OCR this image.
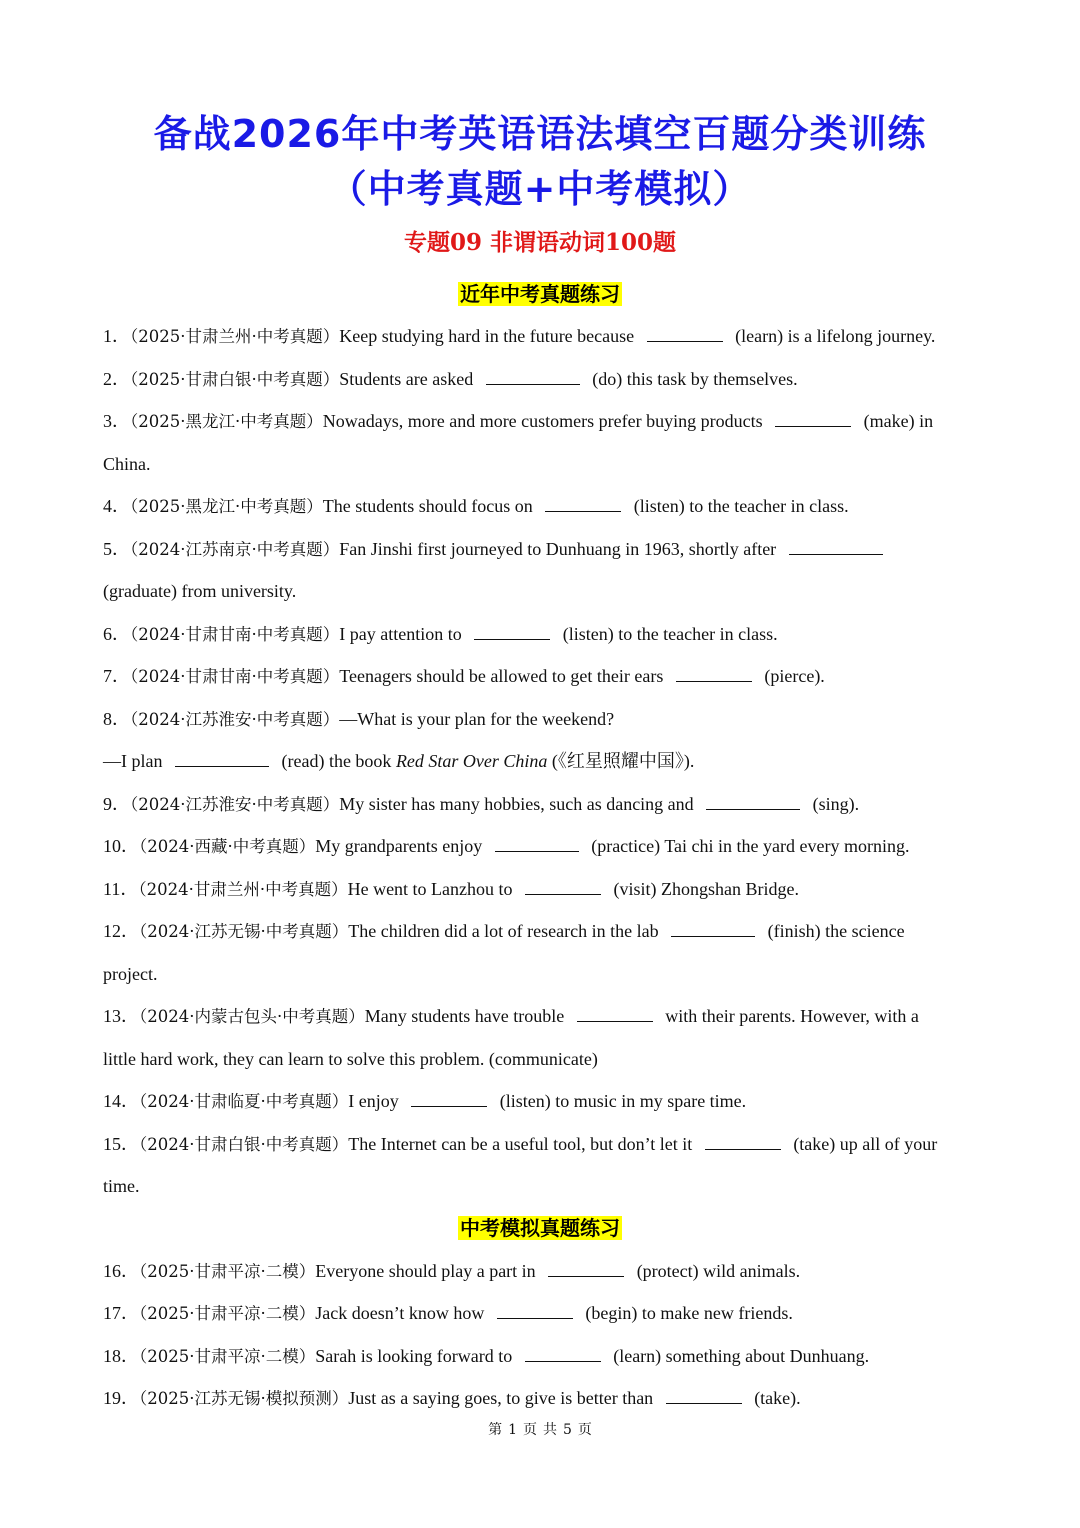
备战2026年中考英语语法填空百题分类训练
（中考真题+中考模拟）
专题09 非谓语动词100题
近年中考真题练习
1．（2025·甘肃兰州·中考真题）Keep studying hard in the future because	(learn) is a lifelong journey.
2．（2025·甘肃白银·中考真题）Students are asked	(do) this task by themselves.
3．（2025·黑龙江·中考真题）Nowadays, more and more customers prefer buying products	(make) in
China.
4．（2025·黑龙江·中考真题）The students should focus on	(listen) to the teacher in class.
5．（2024·江苏南京·中考真题）Fan Jinshi first journeyed to Dunhuang in 1963, shortly after
(graduate) from university.
6．（2024·甘肃甘南·中考真题）I pay attention to	(listen) to the teacher in class.
7．（2024·甘肃甘南·中考真题）Teenagers should be allowed to get their ears	(pierce).
8．（2024·江苏淮安·中考真题）—What is your plan for the weekend?
—I plan	(read) the book Red Star Over China (《红星照耀中国》).
9．（2024·江苏淮安·中考真题）My sister has many hobbies, such as dancing and	(sing).
10．（2024·西藏·中考真题）My grandparents enjoy	(practice) Tai chi in the yard every morning.
11．（2024·甘肃兰州·中考真题）He went to Lanzhou to	(visit) Zhongshan Bridge.
12．（2024·江苏无锡·中考真题）The children did a lot of research in the lab	(finish) the science
project.
13．（2024·内蒙古包头·中考真题）Many students have trouble	with their parents. However, with a
little hard work, they can learn to solve this problem. (communicate)
14．（2024·甘肃临夏·中考真题）I enjoy	(listen) to music in my spare time.
15．（2024·甘肃白银·中考真题）The Internet can be a useful tool, but don’t let it	(take) up all of your
time.
中考模拟真题练习
16．（2025·甘肃平凉·二模）Everyone should play a part in	(protect) wild animals.
17．（2025·甘肃平凉·二模）Jack doesn’t know how	(begin) to make new friends.
18．（2025·甘肃平凉·二模）Sarah is looking forward to	(learn) something about Dunhuang.
19．（2025·江苏无锡·模拟预测）Just as a saying goes, to give is better than	(take).
第 1 页 共 5 页
